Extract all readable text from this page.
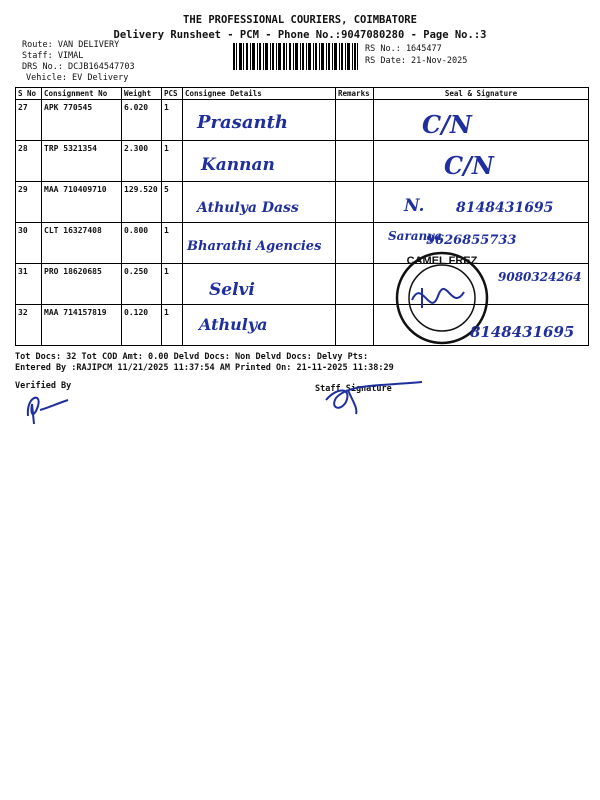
THE PROFESSIONAL COURIERS, COIMBATORE
Delivery Runsheet - PCM - Phone No.:9047080280 - Page No.:3
Route: VAN DELIVERY
Staff: VIMAL
DRS No.: DCJB164547703
Vehicle: EV Delivery
RS No.: 1645477
RS Date: 21-Nov-2025
S No	Consignment No	Weight	PCS	Consignee Details	Remarks	Seal & Signature
27	APK 770545	6.020	1	Prasanth		C/N

28	TRP 5321354	2.300	1	Kannan		C/N

29	MAA 710409710	129.520	5	Athulya Dass		N. 8148431695

30	CLT 16327408	0.800	1	Bharathi Agencies		Saranya
9626855733

31	PRO 18620685	0.250	1	Selvi		CAMEL FREZ
9080324264

32	MAA 714157819	0.120	1	Athulya		8148431695
Tot Docs: 32 Tot COD Amt: 0.00 Delvd Docs: Non Delvd Docs: Delvy Pts:
Entered By :RAJIPCM 11/21/2025 11:37:54 AM Printed On: 21-11-2025 11:38:29
Verified By	Staff Signature
